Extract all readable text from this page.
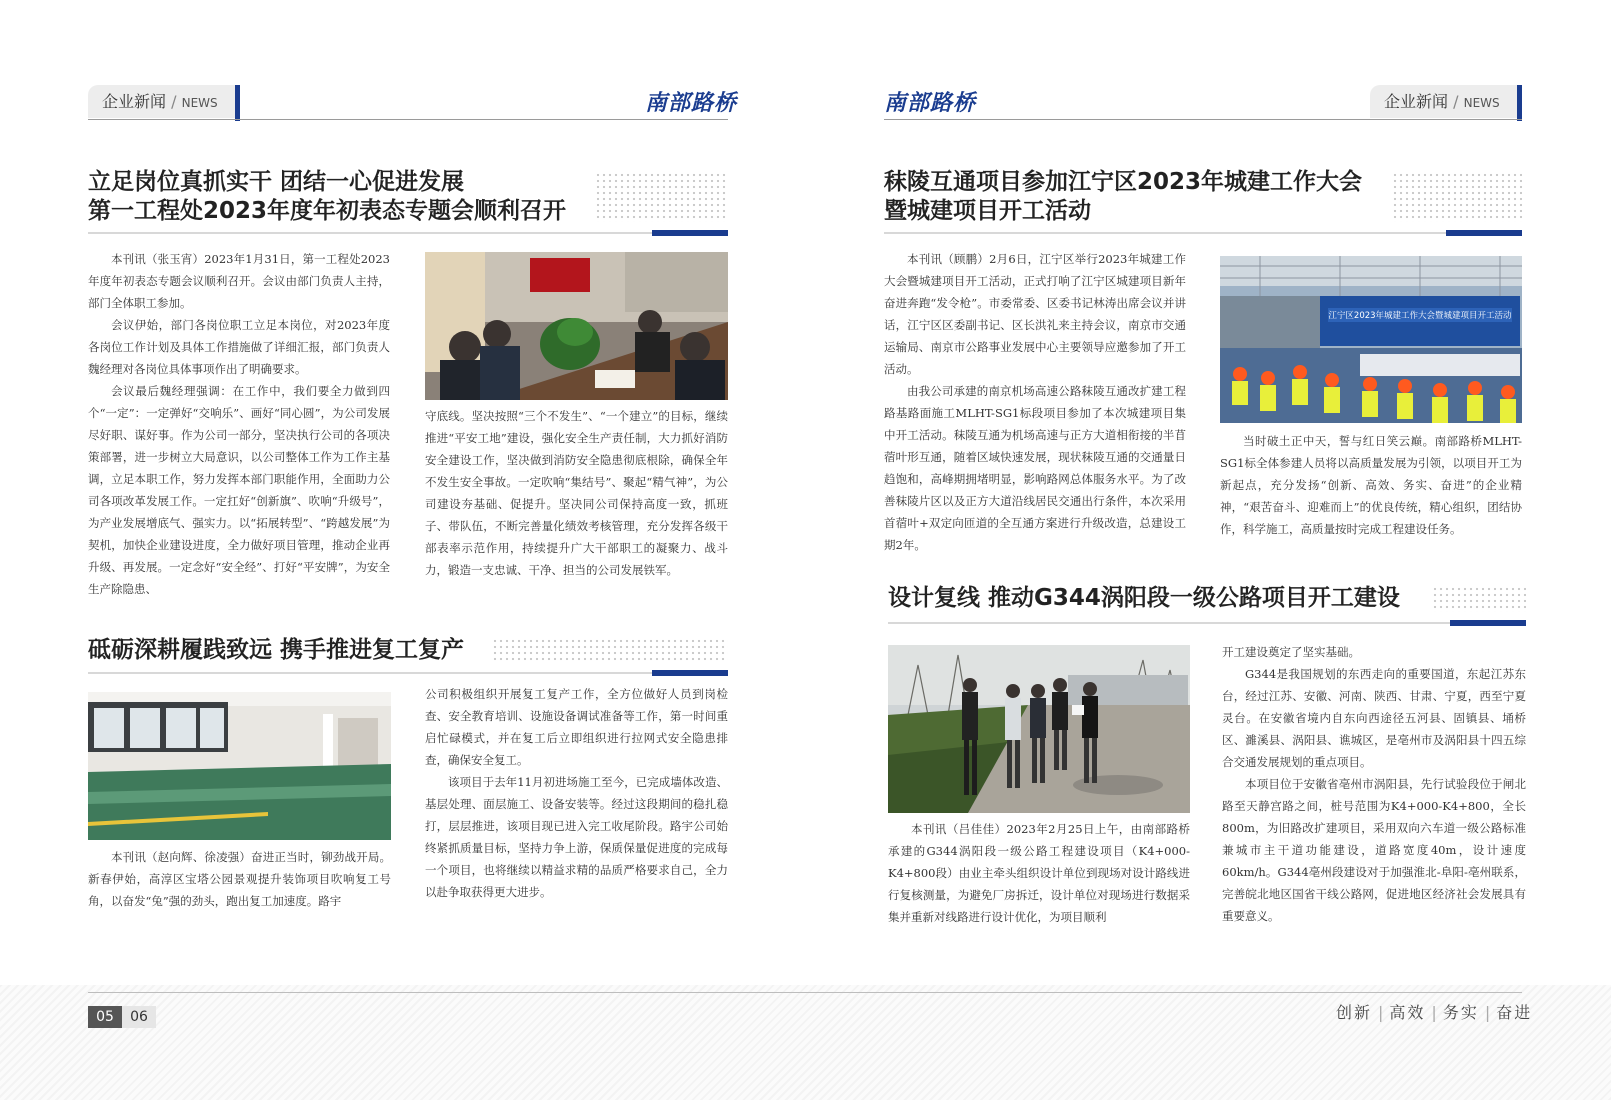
企业新闻 / NEWS	南部路桥
立足岗位真抓实干 团结一心促进发展
第一工程处2023年度年初表态专题会顺利召开

本刊讯（张玉宵）2023年1月31日，第一工程处2023年度年初表态专题会议顺利召开。会议由部门负责人主持，部门全体职工参加。

会议伊始，部门各岗位职工立足本岗位，对2023年度各岗位工作计划及具体工作措施做了详细汇报，部门负责人魏经理对各岗位具体事项作出了明确要求。

会议最后魏经理强调：在工作中，我们要全力做到四个“一定”：一定弹好“交响乐”、画好“同心圆”，为公司发展尽好职、谋好事。作为公司一部分，坚决执行公司的各项决策部署，进一步树立大局意识，以公司整体工作为工作主基调，立足本职工作，努力发挥本部门职能作用，全面助力公司各项改革发展工作。一定扛好“创新旗”、吹响“升级号”，为产业发展增底气、强实力。以“拓展转型”、“跨越发展”为契机，加快企业建设进度，全力做好项目管理，推动企业再升级、再发展。一定念好“安全经”、打好“平安牌”，为安全生产除隐患、

守底线。坚决按照“三个不发生”、“一个建立”的目标，继续推进“平安工地”建设，强化安全生产责任制，大力抓好消防安全建设工作，坚决做到消防安全隐患彻底根除，确保全年不发生安全事故。一定吹响“集结号”、聚起“精气神”，为公司建设夯基础、促提升。坚决同公司保持高度一致，抓班子、带队伍，不断完善量化绩效考核管理，充分发挥各级干部表率示范作用，持续提升广大干部职工的凝聚力、战斗力，锻造一支忠诚、干净、担当的公司发展铁军。

砥砺深耕履践致远 携手推进复工复产

本刊讯（赵向辉、徐凌强）奋进正当时，铆劲战开局。新春伊始，高淳区宝塔公园景观提升装饰项目吹响复工号角，以奋发“兔”强的劲头，跑出复工加速度。路宇

公司积极组织开展复工复产工作，全方位做好人员到岗检查、安全教育培训、设施设备调试准备等工作，第一时间重启忙碌模式，并在复工后立即组织进行拉网式安全隐患排查，确保安全复工。

该项目于去年11月初进场施工至今，已完成墙体改造、基层处理、面层施工、设备安装等。经过这段期间的稳扎稳打，层层推进，该项目现已进入完工收尾阶段。路宇公司始终紧抓质量目标，坚持力争上游，保质保量促进度的完成每一个项目，也将继续以精益求精的品质严格要求自己，全力以赴争取获得更大进步。

南部路桥	企业新闻 / NEWS
秣陵互通项目参加江宁区2023年城建工作大会
暨城建项目开工活动

本刊讯（顾鹏）2月6日，江宁区举行2023年城建工作大会暨城建项目开工活动，正式打响了江宁区城建项目新年奋进奔跑“发令枪”。市委常委、区委书记林涛出席会议并讲话，江宁区区委副书记、区长洪礼来主持会议，南京市交通运输局、南京市公路事业发展中心主要领导应邀参加了开工活动。

由我公司承建的南京机场高速公路秣陵互通改扩建工程路基路面施工MLHT-SG1标段项目参加了本次城建项目集中开工活动。秣陵互通为机场高速与正方大道相衔接的半苜蓿叶形互通，随着区域快速发展，现状秣陵互通的交通量日趋饱和，高峰期拥堵明显，影响路网总体服务水平。为了改善秣陵片区以及正方大道沿线居民交通出行条件，本次采用首蓿叶+双定向匝道的全互通方案进行升级改造，总建设工期2年。

江宁区2023年城建工作大会暨城建项目开工活动

当时破土正中天，誓与红日笑云巅。南部路桥MLHT-SG1标全体参建人员将以高质量发展为引领，以项目开工为新起点，充分发扬“创新、高效、务实、奋进”的企业精神，“艰苦奋斗、迎难而上”的优良传统，精心组织，团结协作，科学施工，高质量按时完成工程建设任务。

设计复线 推动G344涡阳段一级公路项目开工建设

本刊讯（吕佳佳）2023年2月25日上午，由南部路桥承建的G344涡阳段一级公路工程建设项目（K4+000-K4+800段）由业主牵头组织设计单位到现场对设计路线进行复核测量，为避免厂房拆迁，设计单位对现场进行数据采集并重新对线路进行设计优化，为项目顺利

开工建设奠定了坚实基础。

G344是我国规划的东西走向的重要国道，东起江苏东台，经过江苏、安徽、河南、陕西、甘肃、宁夏，西至宁夏灵台。在安徽省境内自东向西途径五河县、固镇县、埇桥区、濉溪县、涡阳县、谯城区，是亳州市及涡阳县十四五综合交通发展规划的重点项目。

本项目位于安徽省亳州市涡阳县，先行试验段位于闸北路至天静宫路之间，桩号范围为K4+000-K4+800，全长800m，为旧路改扩建项目，采用双向六车道一级公路标准兼城市主干道功能建设，道路宽度40m，设计速度60km/h。G344亳州段建设对于加强淮北-阜阳-亳州联系，完善皖北地区国省干线公路网，促进地区经济社会发展具有重要意义。

05	06	创新 | 高效 | 务实 | 奋进
